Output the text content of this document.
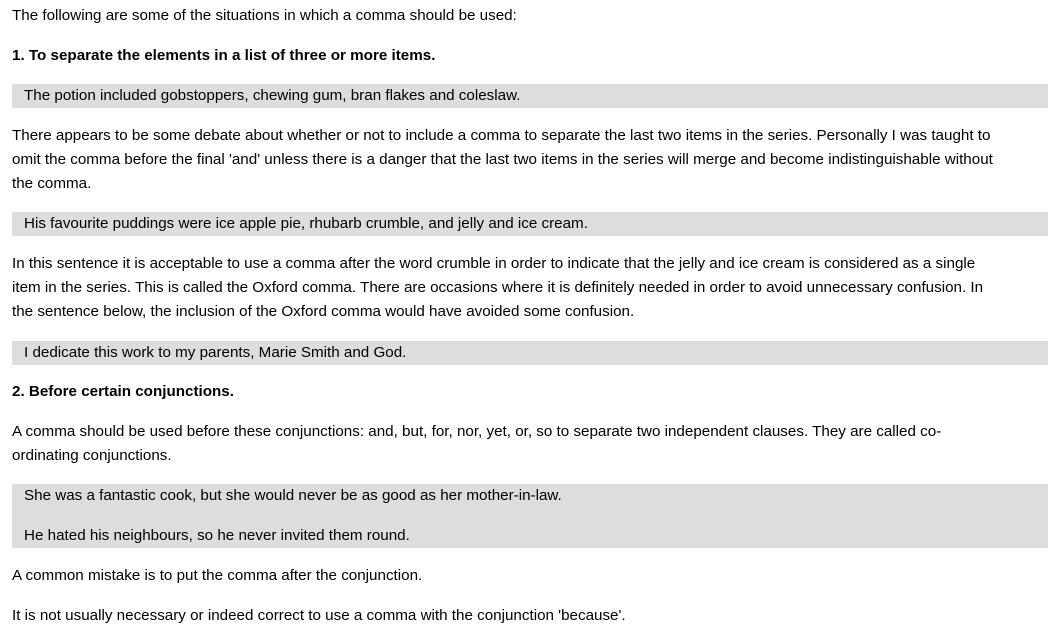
The following are some of the situations in which a comma should be used:
1. To separate the elements in a list of three or more items.
The potion included gobstoppers, chewing gum, bran flakes and coleslaw.
There appears to be some debate about whether or not to include a comma to separate the last two items in the series. Personally I was taught to
omit the comma before the final 'and' unless there is a danger that the last two items in the series will merge and become indistinguishable without
the comma.
His favourite puddings were ice apple pie, rhubarb crumble, and jelly and ice cream.
In this sentence it is acceptable to use a comma after the word crumble in order to indicate that the jelly and ice cream is considered as a single
item in the series. This is called the Oxford comma. There are occasions where it is definitely needed in order to avoid unnecessary confusion. In
the sentence below, the inclusion of the Oxford comma would have avoided some confusion.
I dedicate this work to my parents, Marie Smith and God.
2. Before certain conjunctions.
A comma should be used before these conjunctions: and, but, for, nor, yet, or, so to separate two independent clauses. They are called co-
ordinating conjunctions.
She was a fantastic cook, but she would never be as good as her mother-in-law.
He hated his neighbours, so he never invited them round.
A common mistake is to put the comma after the conjunction.
It is not usually necessary or indeed correct to use a comma with the conjunction 'because'.
